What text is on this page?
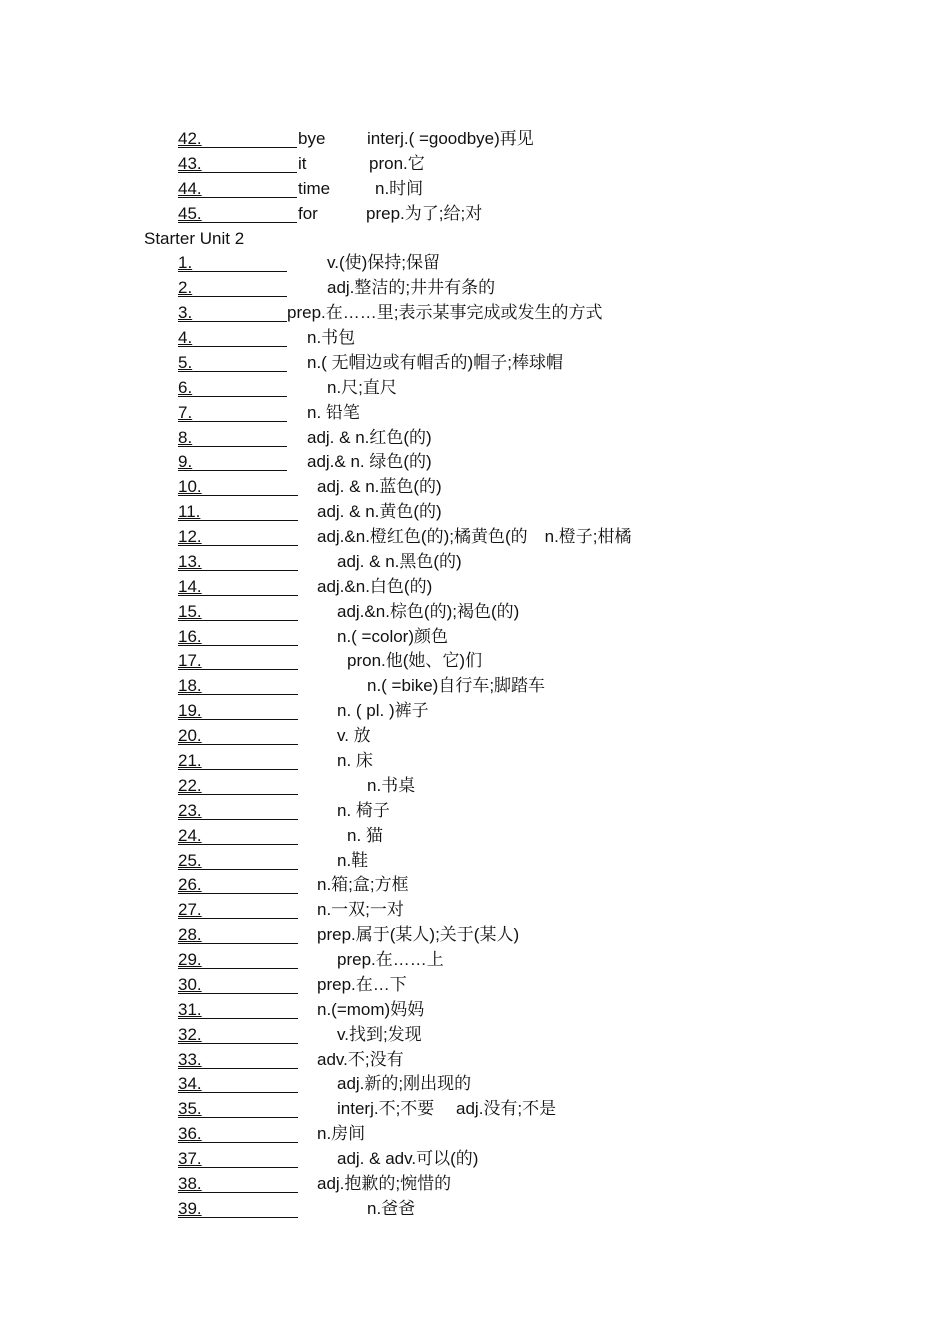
42.	bye interj.( =goodbye)再见
43.	it	pron.它
44.	time	n.时间
45.	for	prep.为了;给;对
Starter Unit 2
1.	v.(使)保持;保留
2.	adj.整洁的;井井有条的
3.	prep.在……里;表示某事完成或发生的方式
4.	n.书包
5.	n.( 无帽边或有帽舌的)帽子;棒球帽
6.	n.尺;直尺
7.	n. 铅笔
8.	adj. & n.红色(的)
9.	adj.& n. 绿色(的)
10.	adj. & n.蓝色(的)
11.	adj. & n.黄色(的)
12.	adj.&n.橙红色(的);橘黄色(的　n.橙子;柑橘
13.	adj. & n.黑色(的)
14.	adj.&n.白色(的)
15.	adj.&n.棕色(的);褐色(的)
16.	n.( =color)颜色
17.	pron.他(她、它)们
18.	n.( =bike)自行车;脚踏车
19.	n. ( pl. )裤子
20.	v. 放
21.	n. 床
22.	n.书桌
23.	n. 椅子
24.	n. 猫
25.	n.鞋
26.	n.箱;盒;方框
27.	n.一双;一对
28.	prep.属于(某人);关于(某人)
29.	prep.在……上
30.	prep.在…下
31.	n.(=mom)妈妈
32.	v.找到;发现
33.	adv.不;没有
34.	adj.新的;刚出现的
35.	interj.不;不要　 adj.没有;不是
36.	n.房间
37.	adj. & adv.可以(的)
38.	adj.抱歉的;惋惜的
39.	n.爸爸
